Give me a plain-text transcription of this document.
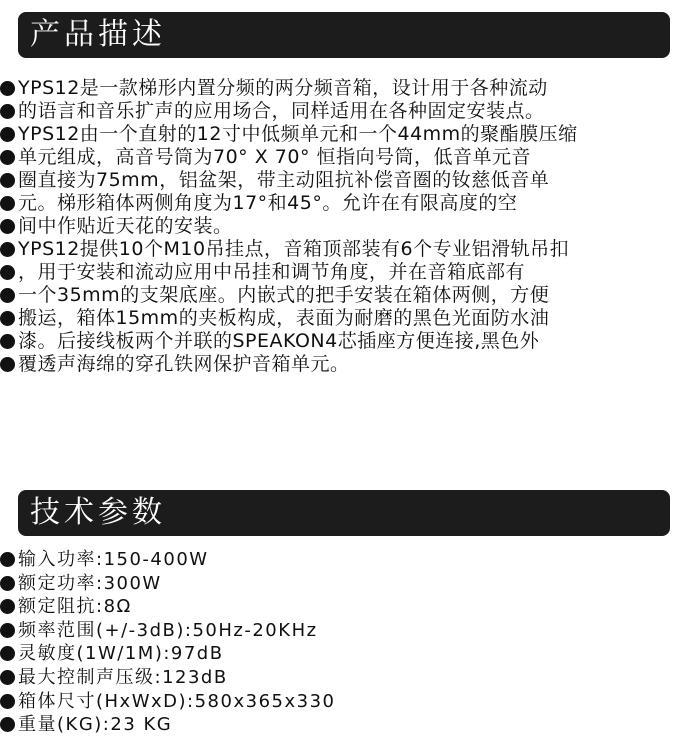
产品描述
YPS12是一款梯形内置分频的两分频音箱，设计用于各种流动
的语言和音乐扩声的应用场合，同样适用在各种固定安装点。
YPS12由一个直射的12寸中低频单元和一个44mm的聚酯膜压缩
单元组成，高音号筒为70° X 70° 恒指向号筒，低音单元音
圈直接为75mm，铝盆架，带主动阻抗补偿音圈的钕慈低音单
元。梯形箱体两侧角度为17°和45°。允许在有限高度的空
间中作贴近天花的安装。
YPS12提供10个M10吊挂点，音箱顶部装有6个专业铝滑轨吊扣
，用于安装和流动应用中吊挂和调节角度，并在音箱底部有
一个35mm的支架底座。内嵌式的把手安装在箱体两侧，方便
搬运，箱体15mm的夹板构成，表面为耐磨的黑色光面防水油
漆。后接线板两个并联的SPEAKON4芯插座方便连接,黑色外
覆透声海绵的穿孔铁网保护音箱单元。
技术参数
输入功率:150-400W
额定功率:300W
额定阻抗:8Ω
频率范围(+/-3dB):50Hz-20KHz
灵敏度(1W/1M):97dB
最大控制声压级:123dB
箱体尺寸(HxWxD):580x365x330
重量(KG):23 KG
